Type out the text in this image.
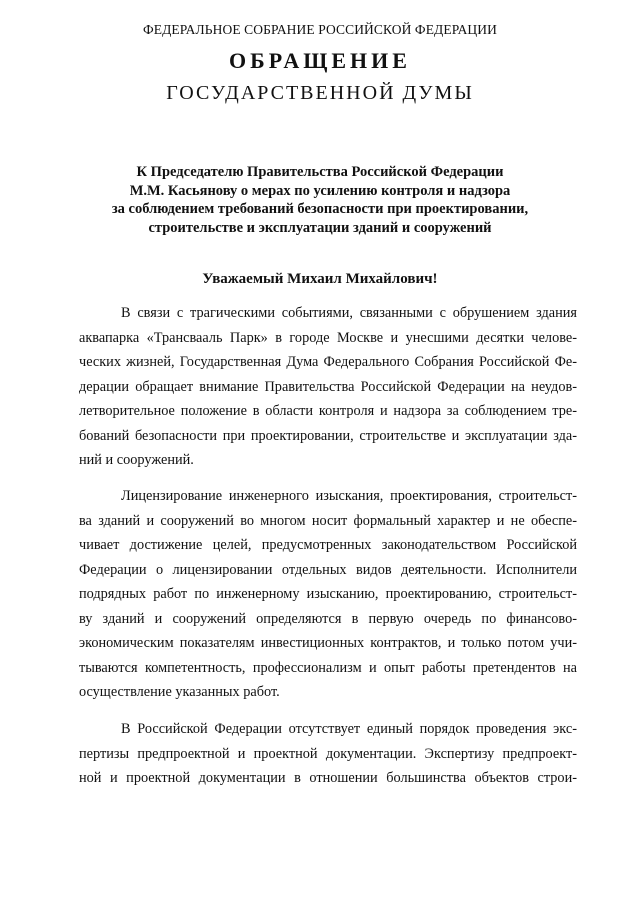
ФЕДЕРАЛЬНОЕ СОБРАНИЕ РОССИЙСКОЙ ФЕДЕРАЦИИ
ОБРАЩЕНИЕ
ГОСУДАРСТВЕННОЙ ДУМЫ
К Председателю Правительства Российской Федерации
М.М. Касьянову о мерах по усилению контроля и надзора
за соблюдением требований безопасности при проектировании,
строительстве и эксплуатации зданий и сооружений
Уважаемый Михаил Михайлович!
В связи с трагическими событиями, связанными с обрушением здания
аквапарка «Трансвааль Парк» в городе Москве и унесшими десятки челове-
ческих жизней, Государственная Дума Федерального Собрания Российской Фе-
дерации обращает внимание Правительства Российской Федерации на неудов-
летворительное положение в области контроля и надзора за соблюдением тре-
бований безопасности при проектировании, строительстве и эксплуатации зда-
ний и сооружений.
Лицензирование инженерного изыскания, проектирования, строительст-
ва зданий и сооружений во многом носит формальный характер и не обеспе-
чивает достижение целей, предусмотренных законодательством Российской
Федерации о лицензировании отдельных видов деятельности. Исполнители
подрядных работ по инженерному изысканию, проектированию, строительст-
ву зданий и сооружений определяются в первую очередь по финансово-
экономическим показателям инвестиционных контрактов, и только потом учи-
тываются компетентность, профессионализм и опыт работы претендентов на
осуществление указанных работ.
В Российской Федерации отсутствует единый порядок проведения экс-
пертизы предпроектной и проектной документации. Экспертизу предпроект-
ной и проектной документации в отношении большинства объектов строи-
